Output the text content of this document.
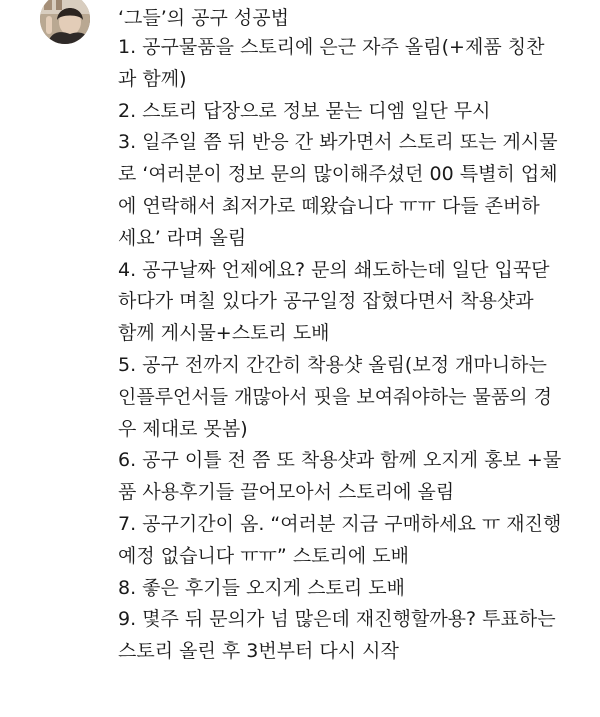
‘그들’의 공구 성공법
1. 공구물품을 스토리에 은근 자주 올림(+제품 칭찬
과 함께)
2. 스토리 답장으로 정보 묻는 디엠 일단 무시
3. 일주일 쯤 뒤 반응 간 봐가면서 스토리 또는 게시물
로 ‘여러분이 정보 문의 많이해주셨던 00 특별히 업체
에 연락해서 최저가로 떼왔습니다 ㅠㅠ 다들 존버하
세요’ 라며 올림
4. 공구날짜 언제에요? 문의 쇄도하는데 일단 입꾹닫
하다가 며칠 있다가 공구일정 잡혔다면서 착용샷과
함께 게시물+스토리 도배
5. 공구 전까지 간간히 착용샷 올림(보정 개마니하는
인플루언서들 개많아서 핏을 보여줘야하는 물품의 경
우 제대로 못봄)
6. 공구 이틀 전 쯤 또 착용샷과 함께 오지게 홍보 +물
품 사용후기들 끌어모아서 스토리에 올림
7. 공구기간이 옴. “여러분 지금 구매하세요 ㅠ 재진행
예정 없습니다 ㅠㅠ” 스토리에 도배
8. 좋은 후기들 오지게 스토리 도배
9. 몇주 뒤 문의가 넘 많은데 재진행할까용? 투표하는
스토리 올린 후 3번부터 다시 시작
